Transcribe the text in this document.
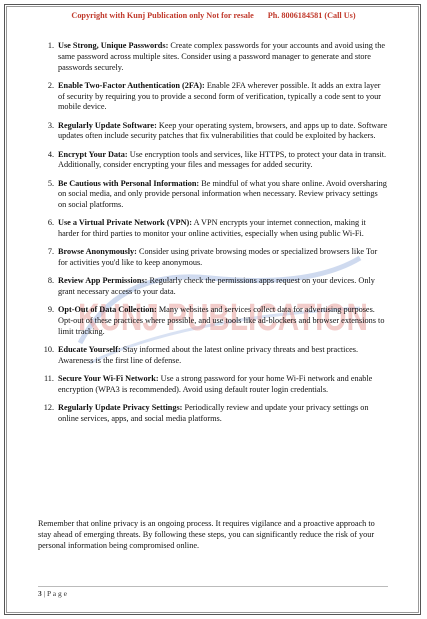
Copyright with Kunj Publication only Not for resale Ph. 8006184581 (Call Us)
KUNJ PUBLICATION
1. Use Strong, Unique Passwords: Create complex passwords for your accounts and avoid using the same password across multiple sites. Consider using a password manager to generate and store passwords securely.
2. Enable Two-Factor Authentication (2FA): Enable 2FA wherever possible. It adds an extra layer of security by requiring you to provide a second form of verification, typically a code sent to your mobile device.
3. Regularly Update Software: Keep your operating system, browsers, and apps up to date. Software updates often include security patches that fix vulnerabilities that could be exploited by hackers.
4. Encrypt Your Data: Use encryption tools and services, like HTTPS, to protect your data in transit. Additionally, consider encrypting your files and messages for added security.
5. Be Cautious with Personal Information: Be mindful of what you share online. Avoid oversharing on social media, and only provide personal information when necessary. Review privacy settings on social platforms.
6. Use a Virtual Private Network (VPN): A VPN encrypts your internet connection, making it harder for third parties to monitor your online activities, especially when using public Wi-Fi.
7. Browse Anonymously: Consider using private browsing modes or specialized browsers like Tor for activities you'd like to keep anonymous.
8. Review App Permissions: Regularly check the permissions apps request on your devices. Only grant necessary access to your data.
9. Opt-Out of Data Collection: Many websites and services collect data for advertising purposes. Opt-out of these practices where possible, and use tools like ad-blockers and browser extensions to limit tracking.
10. Educate Yourself: Stay informed about the latest online privacy threats and best practices. Awareness is the first line of defense.
11. Secure Your Wi-Fi Network: Use a strong password for your home Wi-Fi network and enable encryption (WPA3 is recommended). Avoid using default router login credentials.
12. Regularly Update Privacy Settings: Periodically review and update your privacy settings on online services, apps, and social media platforms.
Remember that online privacy is an ongoing process. It requires vigilance and a proactive approach to stay ahead of emerging threats. By following these steps, you can significantly reduce the risk of your personal information being compromised online.
3 | P a g e
